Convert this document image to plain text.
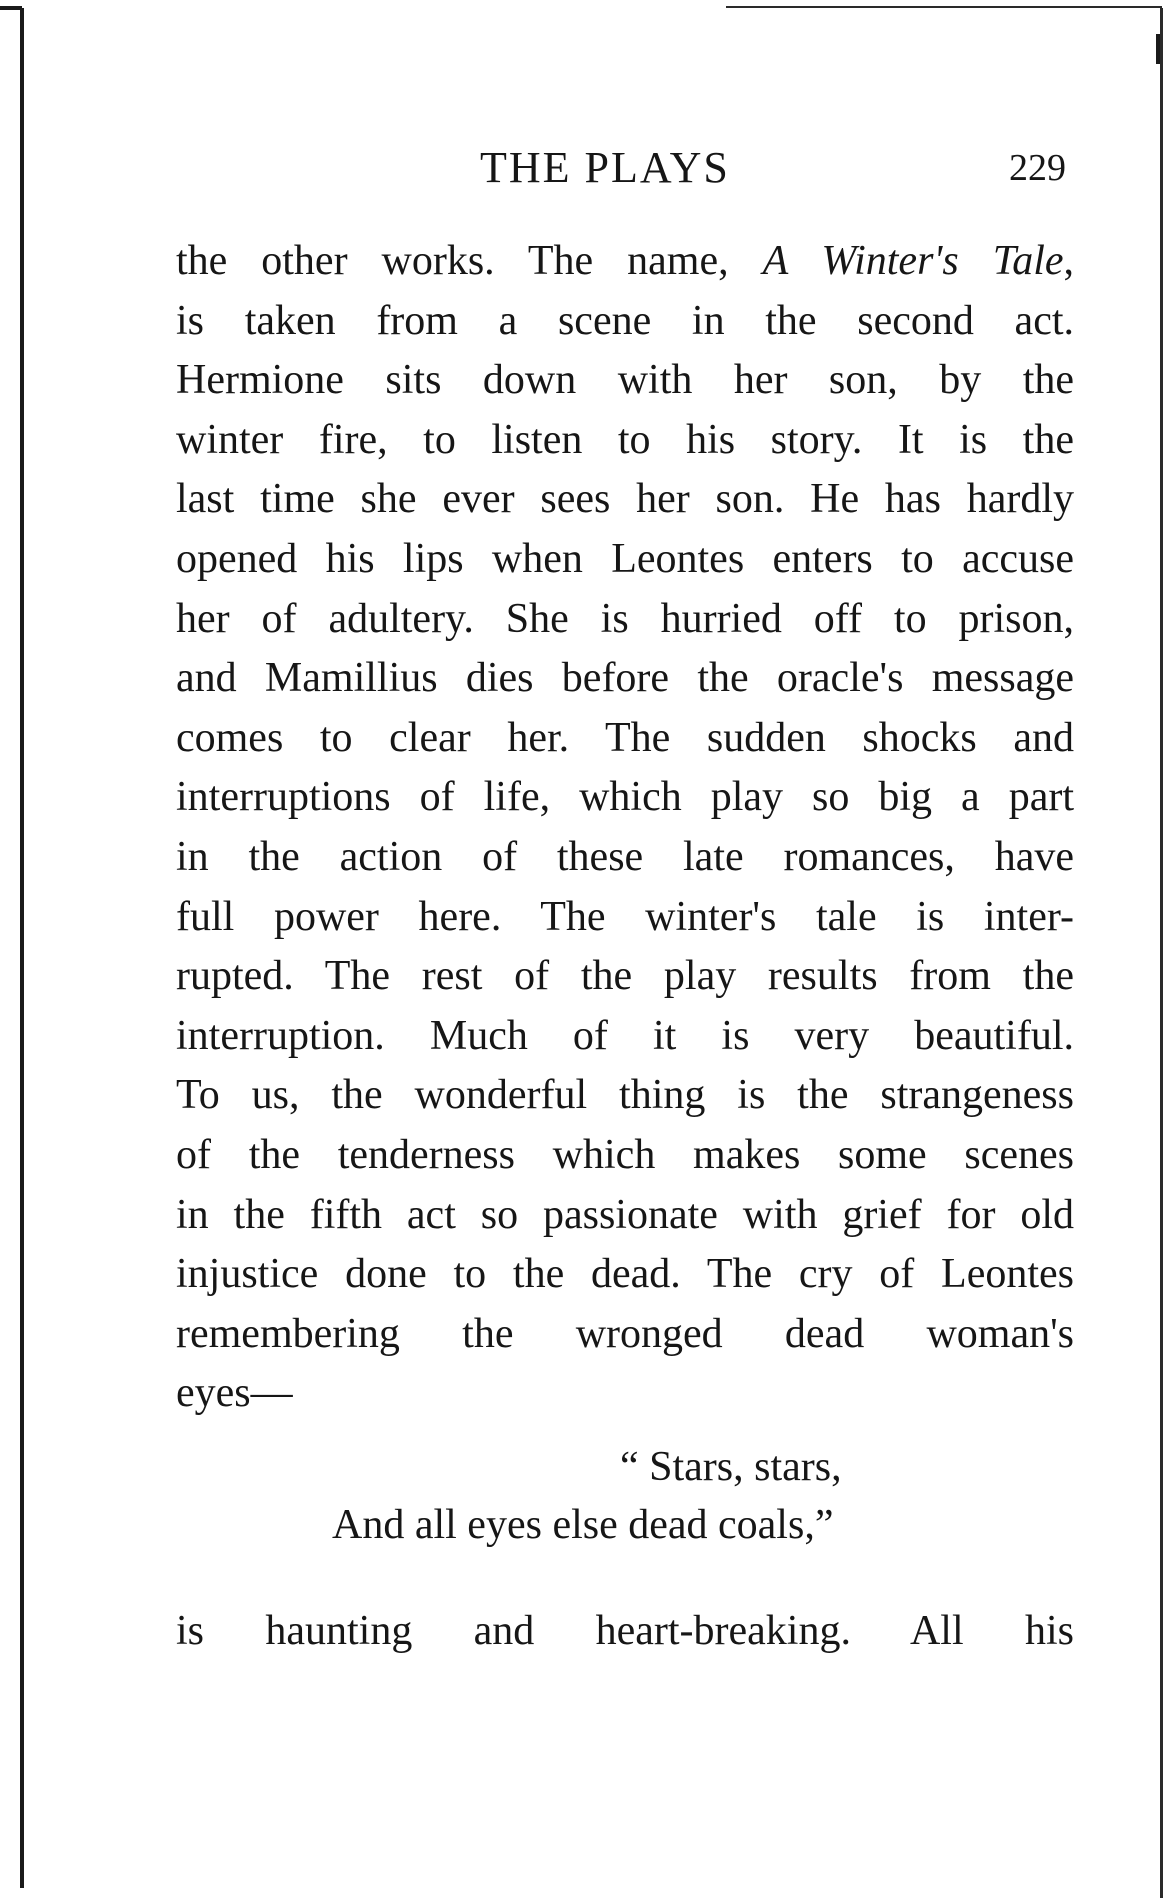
THE PLAYS	229
the other works. The name, A Winter's Tale,
is taken from a scene in the second act.
Hermione sits down with her son, by the
winter fire, to listen to his story. It is the
last time she ever sees her son. He has hardly
opened his lips when Leontes enters to accuse
her of adultery. She is hurried off to prison,
and Mamillius dies before the oracle's message
comes to clear her. The sudden shocks and
interruptions of life, which play so big a part
in the action of these late romances, have
full power here. The winter's tale is inter-
rupted. The rest of the play results from the
interruption. Much of it is very beautiful.
To us, the wonderful thing is the strangeness
of the tenderness which makes some scenes
in the fifth act so passionate with grief for old
injustice done to the dead. The cry of Leontes
remembering the wronged dead woman's
eyes—
“ Stars, stars,
And all eyes else dead coals,”
is haunting and heart-breaking. All his
